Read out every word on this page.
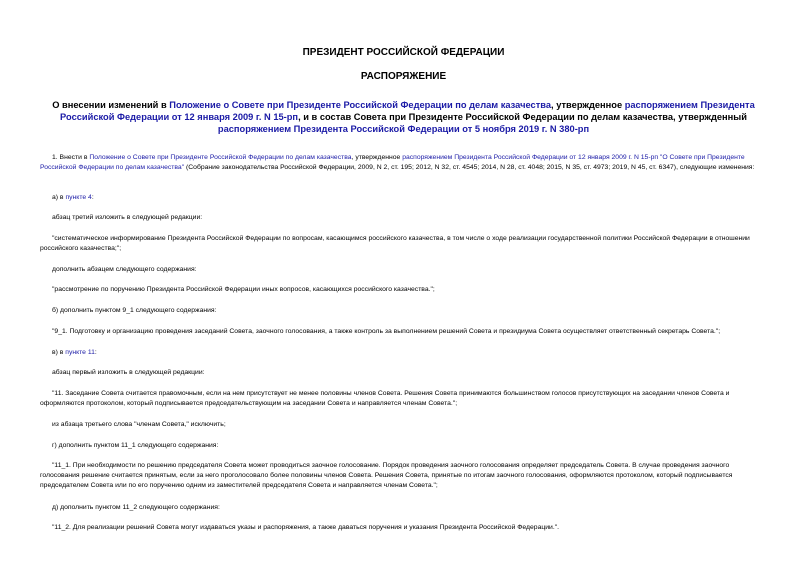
ПРЕЗИДЕНТ РОССИЙСКОЙ ФЕДЕРАЦИИ
РАСПОРЯЖЕНИЕ
О внесении изменений в Положение о Совете при Президенте Российской Федерации по делам казачества, утвержденное распоряжением Президента Российской Федерации от 12 января 2009 г. N 15-рп, и в состав Совета при Президенте Российской Федерации по делам казачества, утвержденный распоряжением Президента Российской Федерации от 5 ноября 2019 г. N 380-рп
1. Внести в Положение о Совете при Президенте Российской Федерации по делам казачества, утвержденное распоряжением Президента Российской Федерации от 12 января 2009 г. N 15-рп "О Совете при Президенте Российской Федерации по делам казачества" (Собрание законодательства Российской Федерации, 2009, N 2, ст. 195; 2012, N 32, ст. 4545; 2014, N 28, ст. 4048; 2015, N 35, ст. 4973; 2019, N 45, ст. 6347), следующие изменения:
а) в пункте 4:
абзац третий изложить в следующей редакции:
"систематическое информирование Президента Российской Федерации по вопросам, касающимся российского казачества, в том числе о ходе реализации государственной политики Российской Федерации в отношении российского казачества;";
дополнить абзацем следующего содержания:
"рассмотрение по поручению Президента Российской Федерации иных вопросов, касающихся российского казачества.";
б) дополнить пунктом 9_1 следующего содержания:
"9_1. Подготовку и организацию проведения заседаний Совета, заочного голосования, а также контроль за выполнением решений Совета и президиума Совета осуществляет ответственный секретарь Совета.";
в) в пункте 11:
абзац первый изложить в следующей редакции:
"11. Заседание Совета считается правомочным, если на нем присутствует не менее половины членов Совета. Решения Совета принимаются большинством голосов присутствующих на заседании членов Совета и оформляются протоколом, который подписывается председательствующим на заседании Совета и направляется членам Совета.";
из абзаца третьего слова "членам Совета," исключить;
г) дополнить пунктом 11_1 следующего содержания:
"11_1. При необходимости по решению председателя Совета может проводиться заочное голосование. Порядок проведения заочного голосования определяет председатель Совета. В случае проведения заочного голосования решение считается принятым, если за него проголосовало более половины членов Совета. Решения Совета, принятые по итогам заочного голосования, оформляются протоколом, который подписывается председателем Совета или по его поручению одним из заместителей председателя Совета и направляется членам Совета.";
д) дополнить пунктом 11_2 следующего содержания:
"11_2. Для реализации решений Совета могут издаваться указы и распоряжения, а также даваться поручения и указания Президента Российской Федерации.".
